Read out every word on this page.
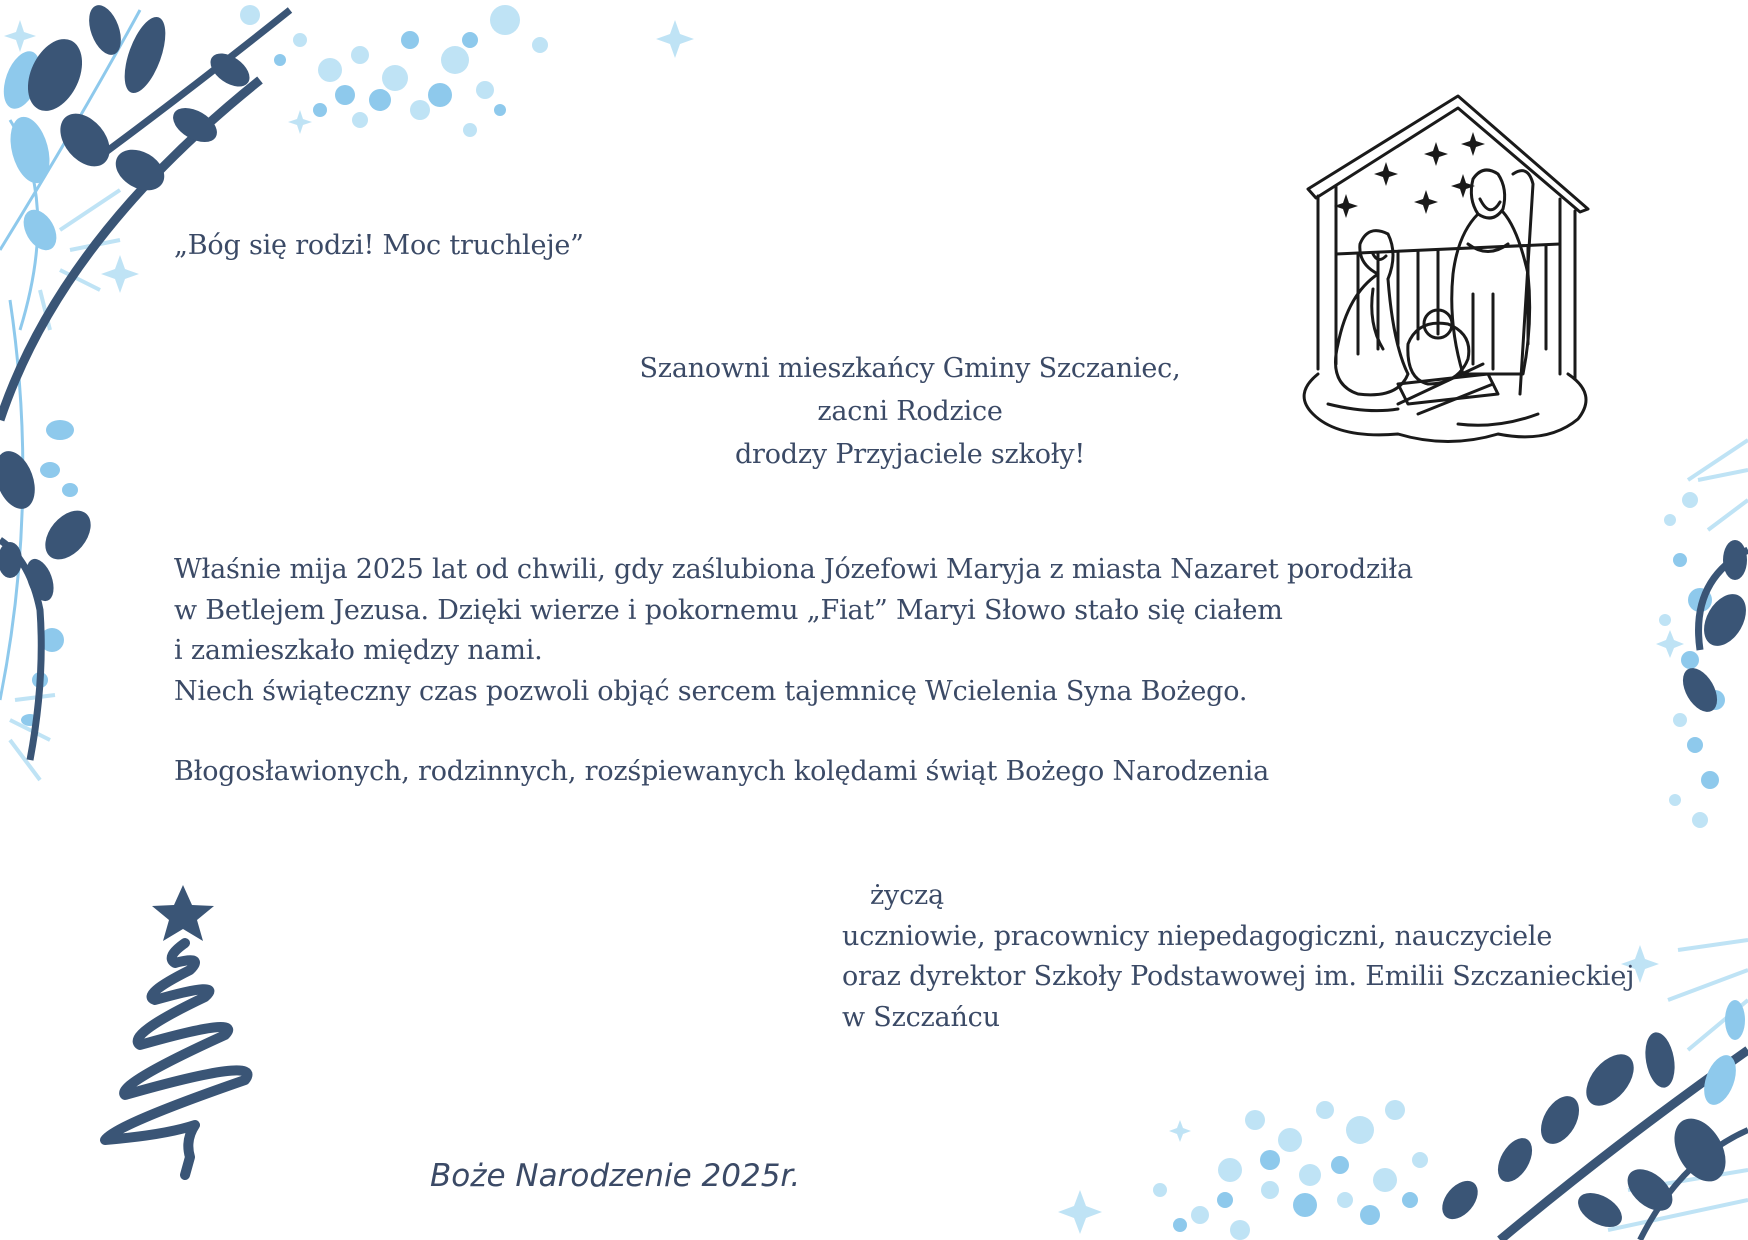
„Bóg się rodzi! Moc truchleje”

Szanowni mieszkańcy Gminy Szczaniec,
zacni Rodzice
drodzy Przyjaciele szkoły!
Właśnie mija 2025 lat od chwili, gdy zaślubiona Józefowi Maryja z miasta Nazaret porodziła
w Betlejem Jezusa. Dzięki wierze i pokornemu „Fiat” Maryi Słowo stało się ciałem
i zamieszkało między nami.
Niech świąteczny czas pozwoli objąć sercem tajemnicę Wcielenia Syna Bożego.
Błogosławionych, rodzinnych, rozśpiewanych kolędami świąt Bożego Narodzenia
życzą
uczniowie, pracownicy niepedagogiczni, nauczyciele
oraz dyrektor Szkoły Podstawowej im. Emilii Szczanieckiej
w Szczańcu

Boże Narodzenie 2025r.
